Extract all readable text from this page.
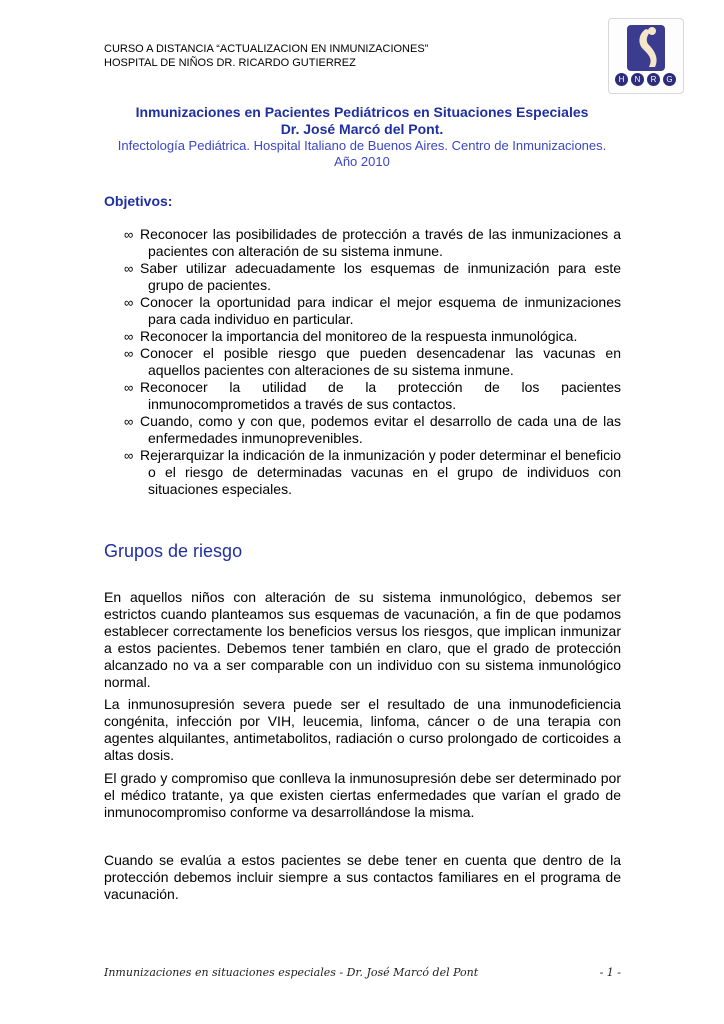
CURSO A DISTANCIA “ACTUALIZACION EN INMUNIZACIONES”
HOSPITAL DE NIÑOS DR. RICARDO GUTIERREZ
H	N	R	G
Inmunizaciones en Pacientes Pediátricos en Situaciones Especiales
Dr. José Marcó del Pont.
Infectología Pediátrica. Hospital Italiano de Buenos Aires. Centro de Inmunizaciones.
Año 2010
Objetivos:
∞ Reconocer las posibilidades de protección a través de las inmunizaciones a pacientes con alteración de su sistema inmune.
∞ Saber utilizar adecuadamente los esquemas de inmunización para este grupo de pacientes.
∞ Conocer la oportunidad para indicar el mejor esquema de inmunizaciones para cada individuo en particular.
∞ Reconocer la importancia del monitoreo de la respuesta inmunológica.
∞ Conocer el posible riesgo que pueden desencadenar las vacunas en aquellos pacientes con alteraciones de su sistema inmune.
∞ Reconocer la utilidad de la protección de los pacientes inmunocomprometidos a través de sus contactos.
∞ Cuando, como y con que, podemos evitar el desarrollo de cada una de las enfermedades inmunoprevenibles.
∞ Rejerarquizar la indicación de la inmunización y poder determinar el beneficio o el riesgo de determinadas vacunas en el grupo de individuos con situaciones especiales.
Grupos de riesgo
En aquellos niños con alteración de su sistema inmunológico, debemos ser estrictos cuando planteamos sus esquemas de vacunación, a fin de que podamos establecer correctamente los beneficios versus los riesgos, que implican inmunizar a estos pacientes. Debemos tener también en claro, que el grado de protección alcanzado no va a ser comparable con un individuo con su sistema inmunológico normal.
La inmunosupresión severa puede ser el resultado de una inmunodeficiencia congénita, infección por VIH, leucemia, linfoma, cáncer o de una terapia con agentes alquilantes, antimetabolitos, radiación o curso prolongado de corticoides a altas dosis.
El grado y compromiso que conlleva la inmunosupresión debe ser determinado por el médico tratante, ya que existen ciertas enfermedades que varían el grado de inmunocompromiso conforme va desarrollándose la misma.
Cuando se evalúa a estos pacientes se debe tener en cuenta que dentro de la protección debemos incluir siempre a sus contactos familiares en el programa de vacunación.
Inmunizaciones en situaciones especiales - Dr. José Marcó del Pont	- 1 -
